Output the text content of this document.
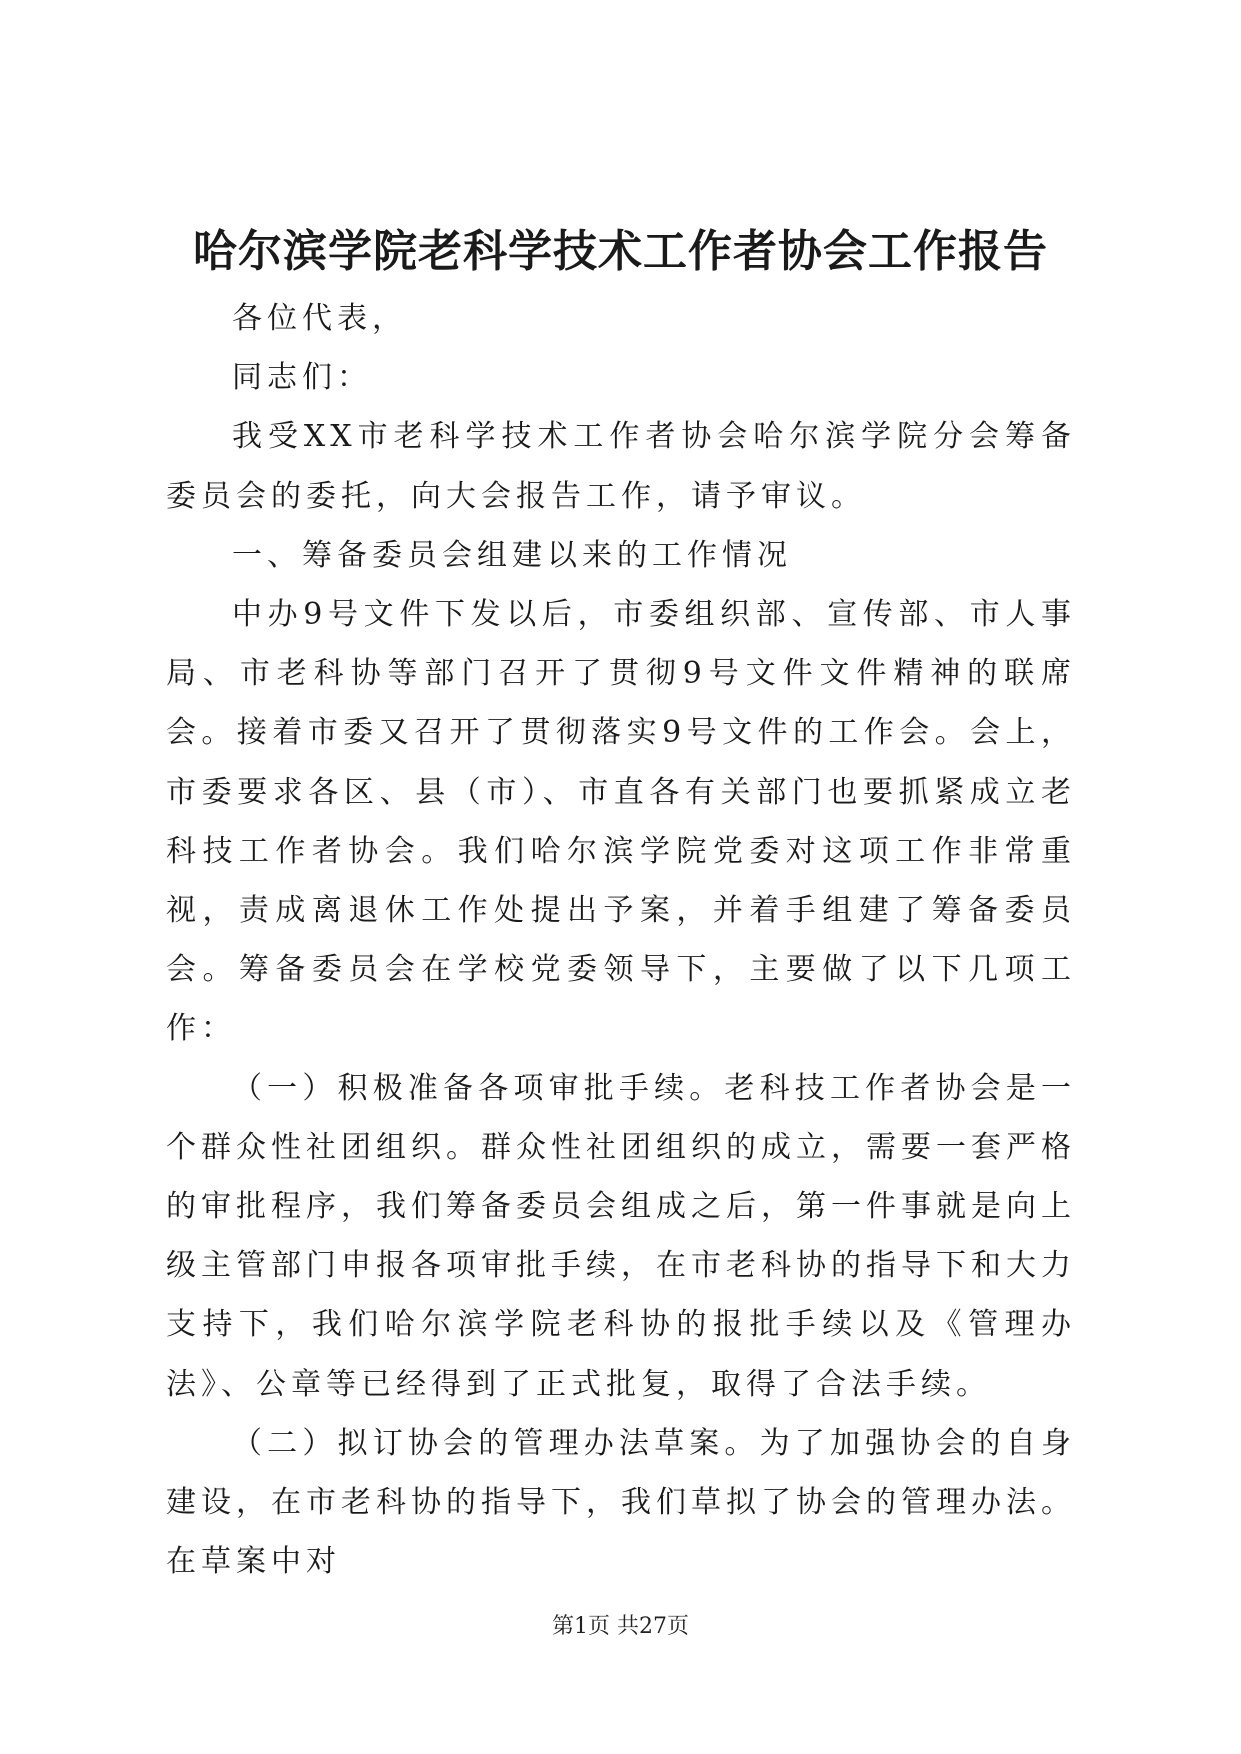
哈尔滨学院老科学技术工作者协会工作报告

各位代表，

同志们：

我受XX市老科学技术工作者协会哈尔滨学院分会筹备委员会的委托，向大会报告工作，请予审议。

一、筹备委员会组建以来的工作情况

中办9号文件下发以后，市委组织部、宣传部、市人事局、市老科协等部门召开了贯彻9号文件文件精神的联席会。接着市委又召开了贯彻落实9号文件的工作会。会上，市委要求各区、县（市）、市直各有关部门也要抓紧成立老科技工作者协会。我们哈尔滨学院党委对这项工作非常重视，责成离退休工作处提出予案，并着手组建了筹备委员会。筹备委员会在学校党委领导下，主要做了以下几项工作：

（一）积极准备各项审批手续。老科技工作者协会是一个群众性社团组织。群众性社团组织的成立，需要一套严格的审批程序，我们筹备委员会组成之后，第一件事就是向上级主管部门申报各项审批手续，在市老科协的指导下和大力支持下，我们哈尔滨学院老科协的报批手续以及《管理办法》、公章等已经得到了正式批复，取得了合法手续。

（二）拟订协会的管理办法草案。为了加强协会的自身建设，在市老科协的指导下，我们草拟了协会的管理办法。在草案中对

第1页 共27页
